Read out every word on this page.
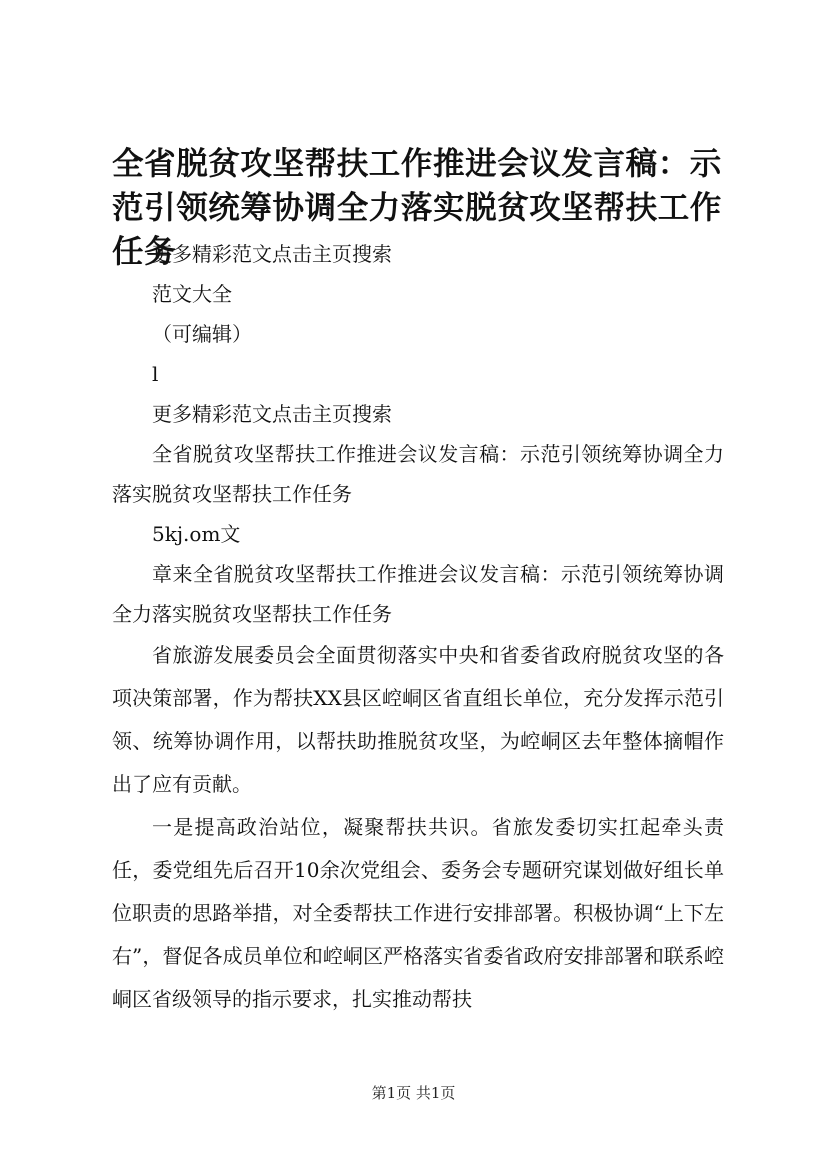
全省脱贫攻坚帮扶工作推进会议发言稿：示范引领统筹协调全力落实脱贫攻坚帮扶工作任务

更多精彩范文点击主页搜索

范文大全

（可编辑）

l

更多精彩范文点击主页搜索

全省脱贫攻坚帮扶工作推进会议发言稿：示范引领统筹协调全力落实脱贫攻坚帮扶工作任务

5kj.om文

章来全省脱贫攻坚帮扶工作推进会议发言稿：示范引领统筹协调全力落实脱贫攻坚帮扶工作任务

省旅游发展委员会全面贯彻落实中央和省委省政府脱贫攻坚的各项决策部署，作为帮扶XX县区崆峒区省直组长单位，充分发挥示范引领、统筹协调作用，以帮扶助推脱贫攻坚，为崆峒区去年整体摘帽作出了应有贡献。

一是提高政治站位，凝聚帮扶共识。省旅发委切实扛起牵头责任，委党组先后召开10余次党组会、委务会专题研究谋划做好组长单位职责的思路举措，对全委帮扶工作进行安排部署。积极协调“上下左右”，督促各成员单位和崆峒区严格落实省委省政府安排部署和联系崆峒区省级领导的指示要求，扎实推动帮扶

第1页 共1页
